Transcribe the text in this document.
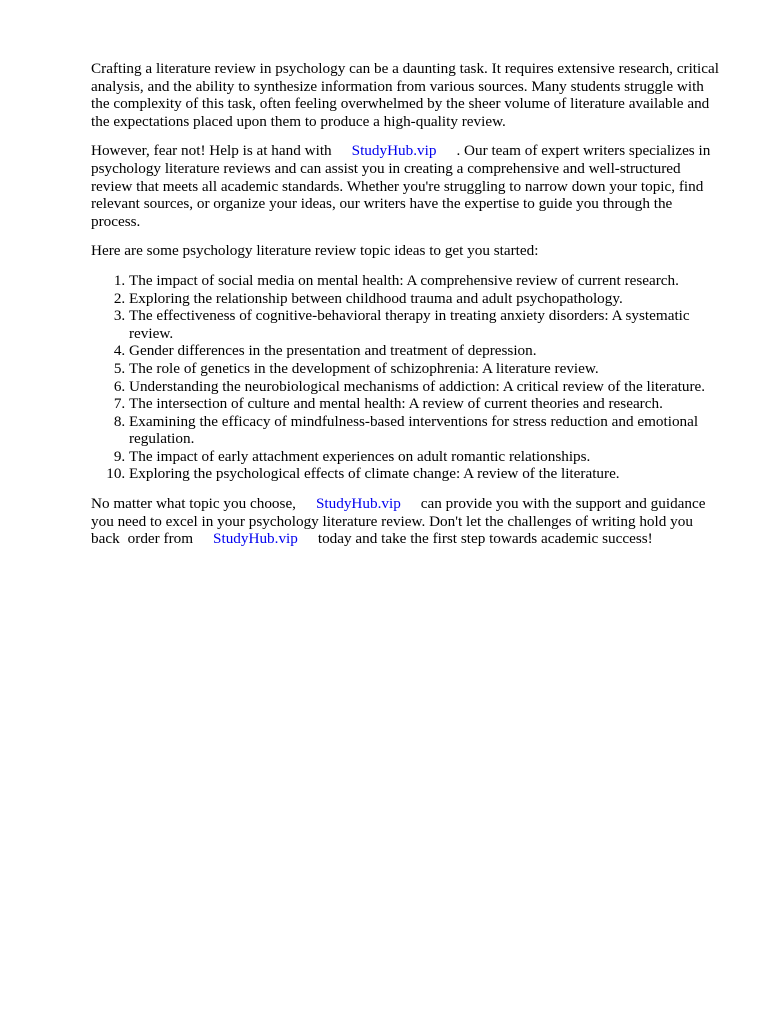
Crafting a literature review in psychology can be a daunting task. It requires extensive research, critical analysis, and the ability to synthesize information from various sources. Many students struggle with the complexity of this task, often feeling overwhelmed by the sheer volume of literature available and the expectations placed upon them to produce a high-quality review.

However, fear not! Help is at hand with StudyHub.vip . Our team of expert writers specializes in psychology literature reviews and can assist you in creating a comprehensive and well-structured review that meets all academic standards. Whether you're struggling to narrow down your topic, find relevant sources, or organize your ideas, our writers have the expertise to guide you through the process.

Here are some psychology literature review topic ideas to get you started:

1. The impact of social media on mental health: A comprehensive review of current research.
2. Exploring the relationship between childhood trauma and adult psychopathology.
3. The effectiveness of cognitive-behavioral therapy in treating anxiety disorders: A systematic review.
4. Gender differences in the presentation and treatment of depression.
5. The role of genetics in the development of schizophrenia: A literature review.
6. Understanding the neurobiological mechanisms of addiction: A critical review of the literature.
7. The intersection of culture and mental health: A review of current theories and research.
8. Examining the efficacy of mindfulness-based interventions for stress reduction and emotional regulation.
9. The impact of early attachment experiences on adult romantic relationships.
10. Exploring the psychological effects of climate change: A review of the literature.

No matter what topic you choose, StudyHub.vip can provide you with the support and guidance you need to excel in your psychology literature review. Don't let the challenges of writing hold you back order from StudyHub.vip today and take the first step towards academic success!
